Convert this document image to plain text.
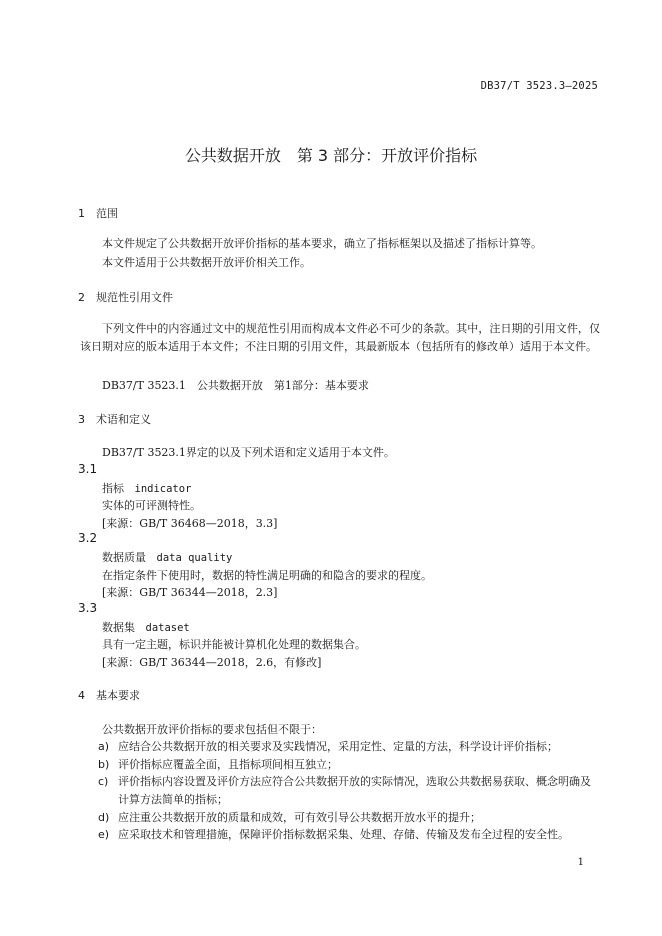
DB37/T 3523.3—2025
公共数据开放　第 3 部分：开放评价指标
1　范围
本文件规定了公共数据开放评价指标的基本要求，确立了指标框架以及描述了指标计算等。
本文件适用于公共数据开放评价相关工作。
2　规范性引用文件
下列文件中的内容通过文中的规范性引用而构成本文件必不可少的条款。其中，注日期的引用文件，仅该日期对应的版本适用于本文件；不注日期的引用文件，其最新版本（包括所有的修改单）适用于本文件。
DB37/T 3523.1　公共数据开放　第1部分：基本要求
3　术语和定义
DB37/T 3523.1界定的以及下列术语和定义适用于本文件。
3.1
指标 indicator
实体的可评测特性。
[来源：GB/T 36468—2018，3.3]
3.2
数据质量 data quality
在指定条件下使用时，数据的特性满足明确的和隐含的要求的程度。
[来源：GB/T 36344—2018，2.3]
3.3
数据集 dataset
具有一定主题，标识并能被计算机化处理的数据集合。
[来源：GB/T 36344—2018，2.6，有修改]
4　基本要求
公共数据开放评价指标的要求包括但不限于：
a) 应结合公共数据开放的相关要求及实践情况，采用定性、定量的方法，科学设计评价指标；
b) 评价指标应覆盖全面，且指标项间相互独立；
c) 评价指标内容设置及评价方法应符合公共数据开放的实际情况，选取公共数据易获取、概念明确及计算方法简单的指标；
d) 应注重公共数据开放的质量和成效，可有效引导公共数据开放水平的提升；
e) 应采取技术和管理措施，保障评价指标数据采集、处理、存储、传输及发布全过程的安全性。
1
